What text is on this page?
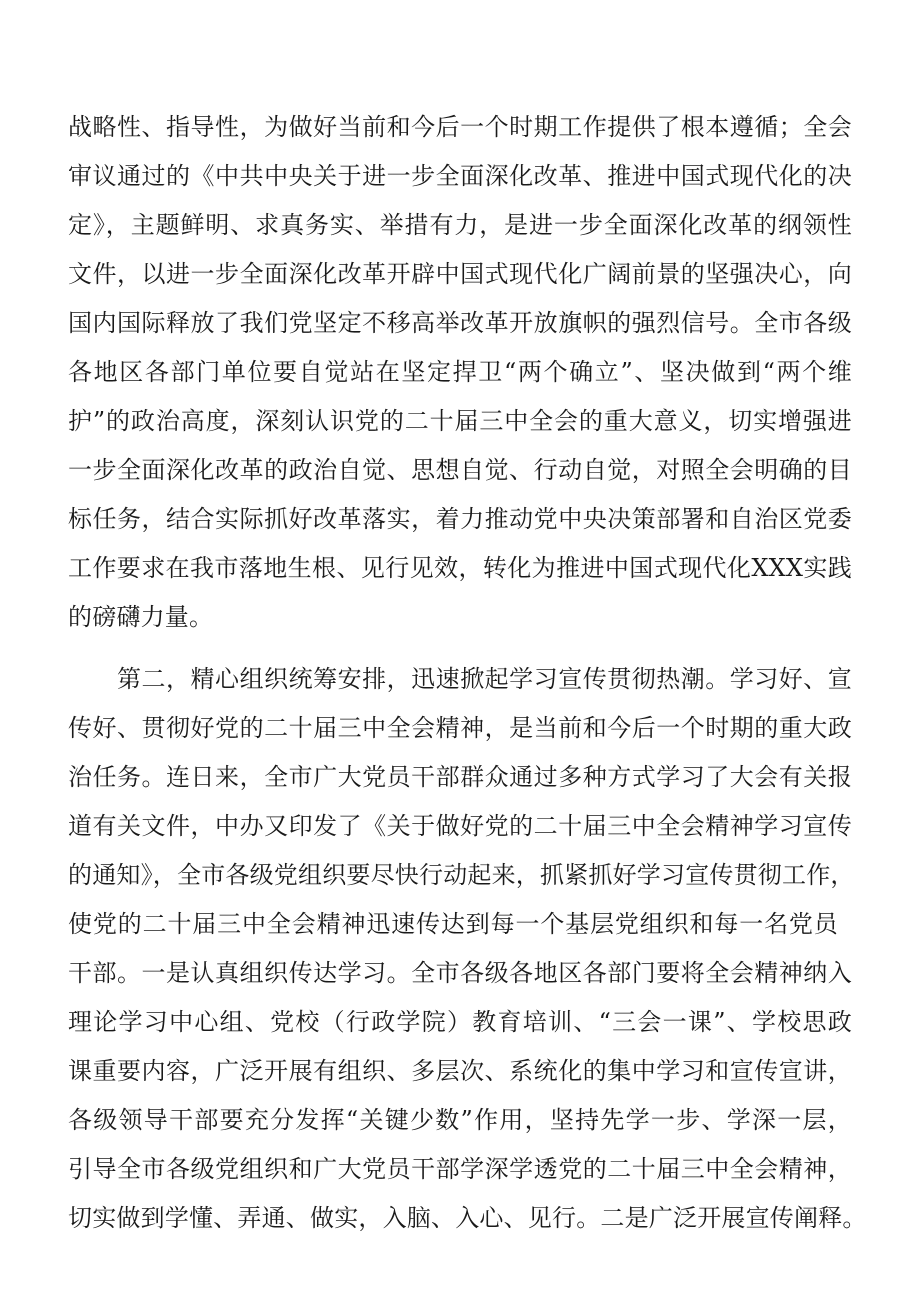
战略性、指导性，为做好当前和今后一个时期工作提供了根本遵循；全会
审议通过的《中共中央关于进一步全面深化改革、推进中国式现代化的决
定》，主题鲜明、求真务实、举措有力，是进一步全面深化改革的纲领性
文件，以进一步全面深化改革开辟中国式现代化广阔前景的坚强决心，向
国内国际释放了我们党坚定不移高举改革开放旗帜的强烈信号。全市各级
各地区各部门单位要自觉站在坚定捍卫“两个确立”、坚决做到“两个维
护”的政治高度，深刻认识党的二十届三中全会的重大意义，切实增强进
一步全面深化改革的政治自觉、思想自觉、行动自觉，对照全会明确的目
标任务，结合实际抓好改革落实，着力推动党中央决策部署和自治区党委
工作要求在我市落地生根、见行见效，转化为推进中国式现代化XXX实践
的磅礴力量。
　　第二，精心组织统筹安排，迅速掀起学习宣传贯彻热潮。学习好、宣
传好、贯彻好党的二十届三中全会精神，是当前和今后一个时期的重大政
治任务。连日来，全市广大党员干部群众通过多种方式学习了大会有关报
道有关文件，中办又印发了《关于做好党的二十届三中全会精神学习宣传
的通知》，全市各级党组织要尽快行动起来，抓紧抓好学习宣传贯彻工作，
使党的二十届三中全会精神迅速传达到每一个基层党组织和每一名党员
干部。一是认真组织传达学习。全市各级各地区各部门要将全会精神纳入
理论学习中心组、党校（行政学院）教育培训、“三会一课”、学校思政
课重要内容，广泛开展有组织、多层次、系统化的集中学习和宣传宣讲，
各级领导干部要充分发挥“关键少数”作用，坚持先学一步、学深一层，
引导全市各级党组织和广大党员干部学深学透党的二十届三中全会精神，
切实做到学懂、弄通、做实，入脑、入心、见行。二是广泛开展宣传阐释。
